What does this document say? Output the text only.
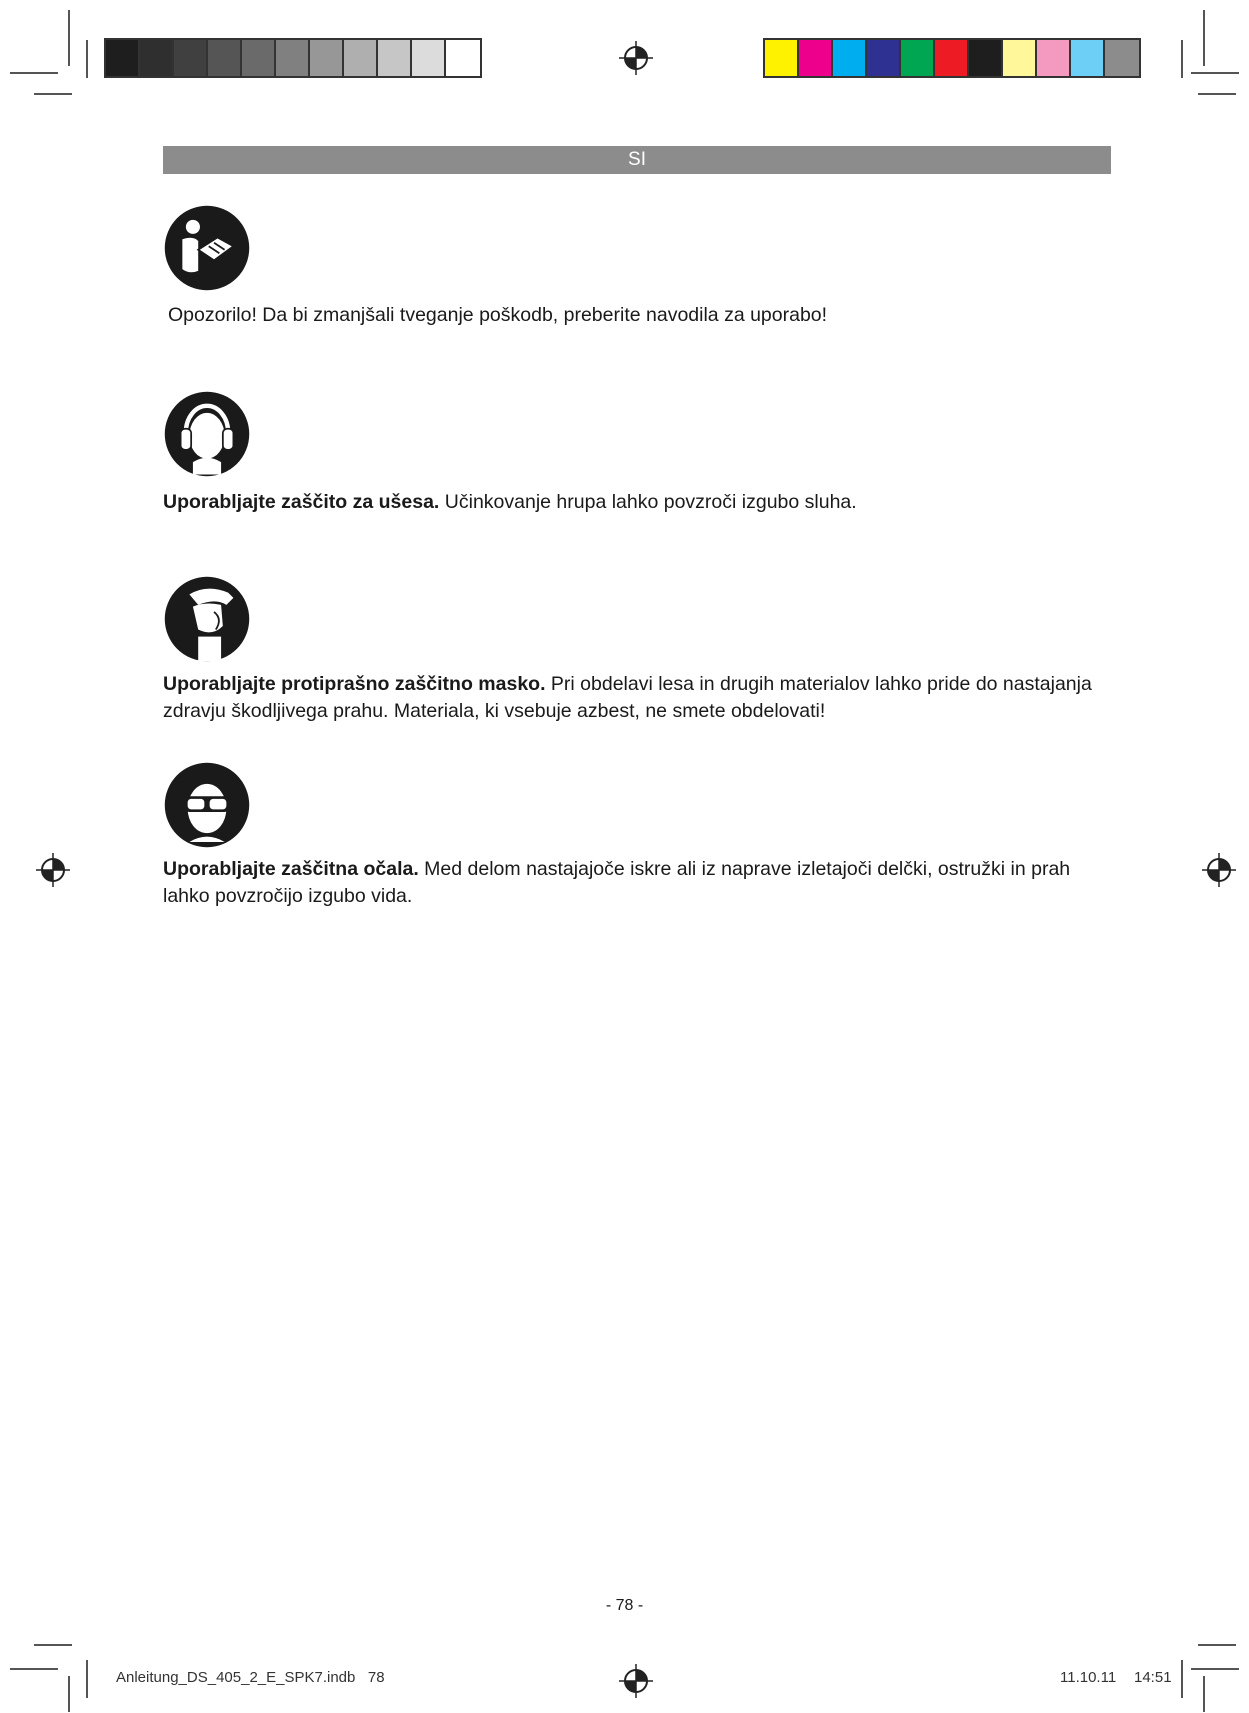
SI
Opozorilo! Da bi zmanjšali tveganje poškodb, preberite navodila za uporabo!
Uporabljajte zaščito za ušesa. Učinkovanje hrupa lahko povzroči izgubo sluha.
Uporabljajte protiprašno zaščitno masko. Pri obdelavi lesa in drugih materialov lahko pride do nastajanja zdravju škodljivega prahu. Materiala, ki vsebuje azbest, ne smete obdelovati!
Uporabljajte zaščitna očala. Med delom nastajajoče iskre ali iz naprave izletajoči delčki, ostružki in prah lahko povzročijo izgubo vida.
- 78 -
Anleitung_DS_405_2_E_SPK7.indb   78	11.10.11 14:51
